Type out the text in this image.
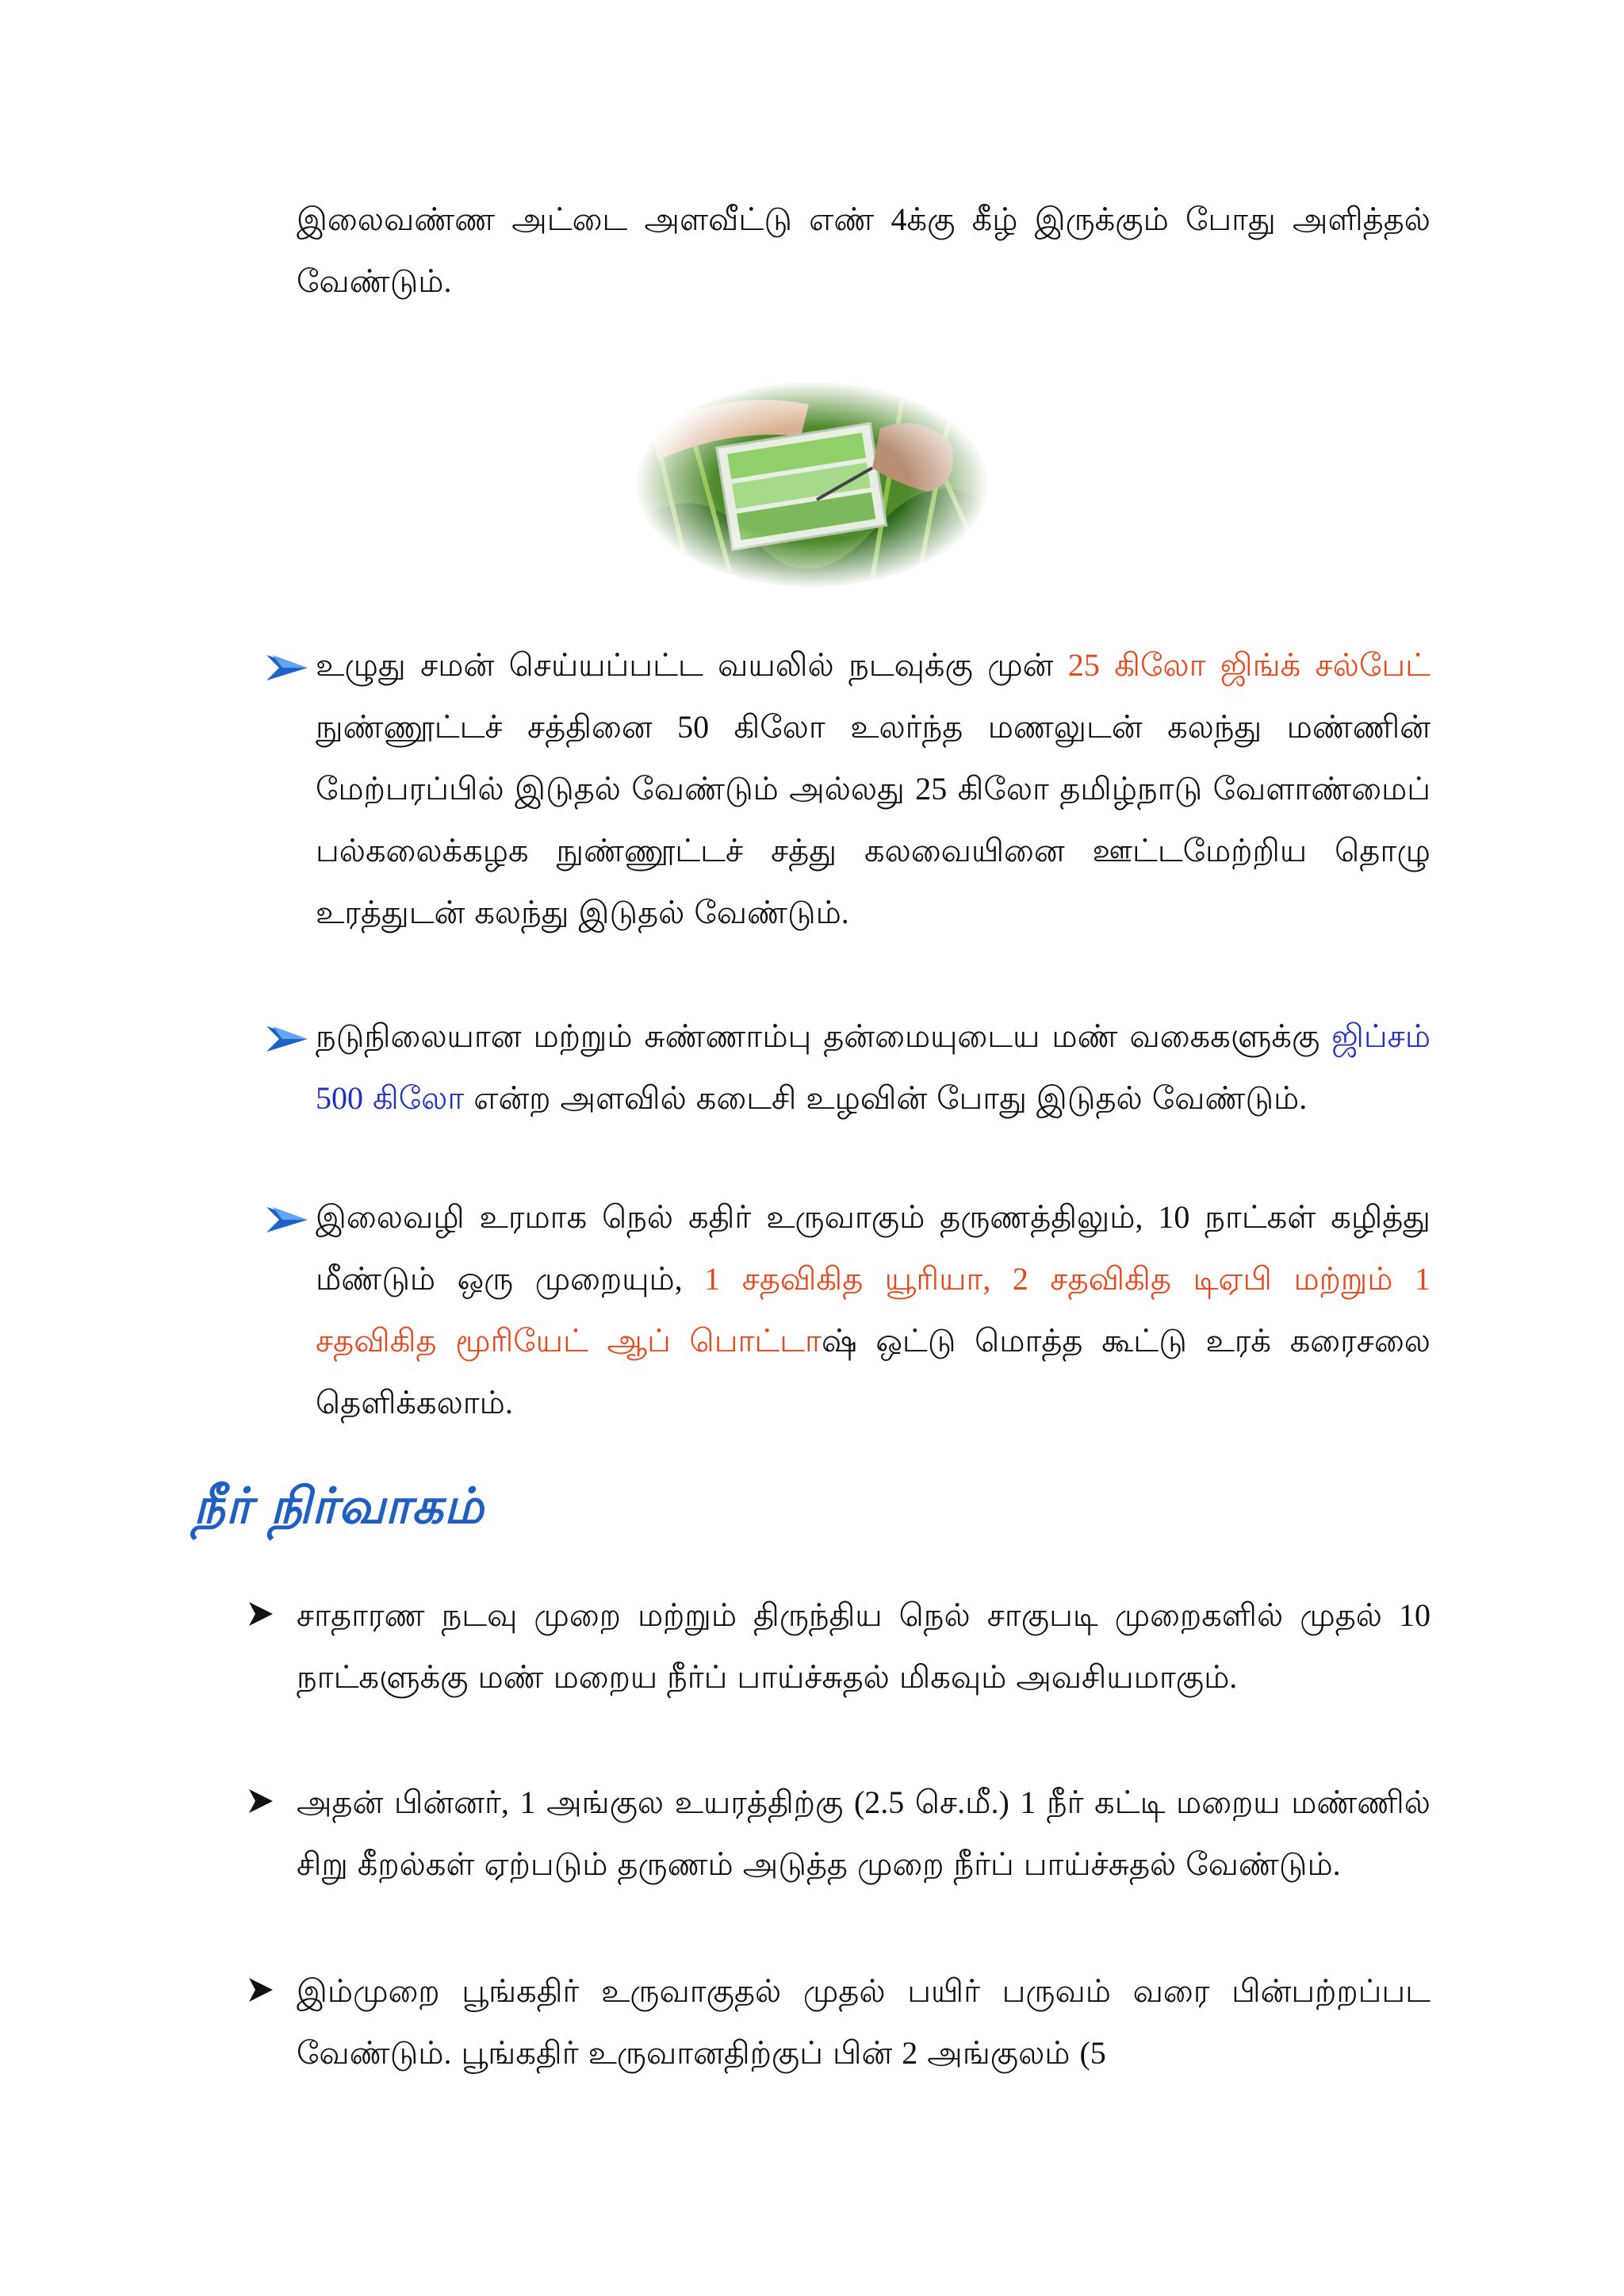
இலைவண்ண அட்டை அளவீட்டு எண் 4க்கு கீழ் இருக்கும் போது அளித்தல் வேண்டும்.
உழுது சமன் செய்யப்பட்ட வயலில் நடவுக்கு முன் 25 கிலோ ஜிங்க் சல்பேட் நுண்ணூட்டச் சத்தினை 50 கிலோ உலர்ந்த மணலுடன் கலந்து மண்ணின் மேற்பரப்பில் இடுதல் வேண்டும் அல்லது 25 கிலோ தமிழ்நாடு வேளாண்மைப் பல்கலைக்கழக நுண்ணூட்டச் சத்து கலவையினை ஊட்டமேற்றிய தொழு உரத்துடன் கலந்து இடுதல் வேண்டும்.
நடுநிலையான மற்றும் சுண்ணாம்பு தன்மையுடைய மண் வகைகளுக்கு ஜிப்சம் 500 கிலோ என்ற அளவில் கடைசி உழவின் போது இடுதல் வேண்டும்.
இலைவழி உரமாக நெல் கதிர் உருவாகும் தருணத்திலும், 10 நாட்கள் கழித்து மீண்டும் ஒரு முறையும், 1 சதவிகித யூரியா, 2 சதவிகித டிஏபி மற்றும் 1 சதவிகித மூரியேட் ஆப் பொட்டாஷ் ஒட்டு மொத்த கூட்டு உரக் கரைசலை தெளிக்கலாம்.
நீர் நிர்வாகம்
சாதாரண நடவு முறை மற்றும் திருந்திய நெல் சாகுபடி முறைகளில் முதல் 10 நாட்களுக்கு மண் மறைய நீர்ப் பாய்ச்சுதல் மிகவும் அவசியமாகும்.
அதன் பின்னர், 1 அங்குல உயரத்திற்கு (2.5 செ.மீ.) 1 நீர் கட்டி மறைய மண்ணில் சிறு கீறல்கள் ஏற்படும் தருணம் அடுத்த முறை நீர்ப் பாய்ச்சுதல் வேண்டும்.
இம்முறை பூங்கதிர் உருவாகுதல் முதல் பயிர் பருவம் வரை பின்பற்றப்பட வேண்டும். பூங்கதிர் உருவானதிற்குப் பின் 2 அங்குலம் (5
